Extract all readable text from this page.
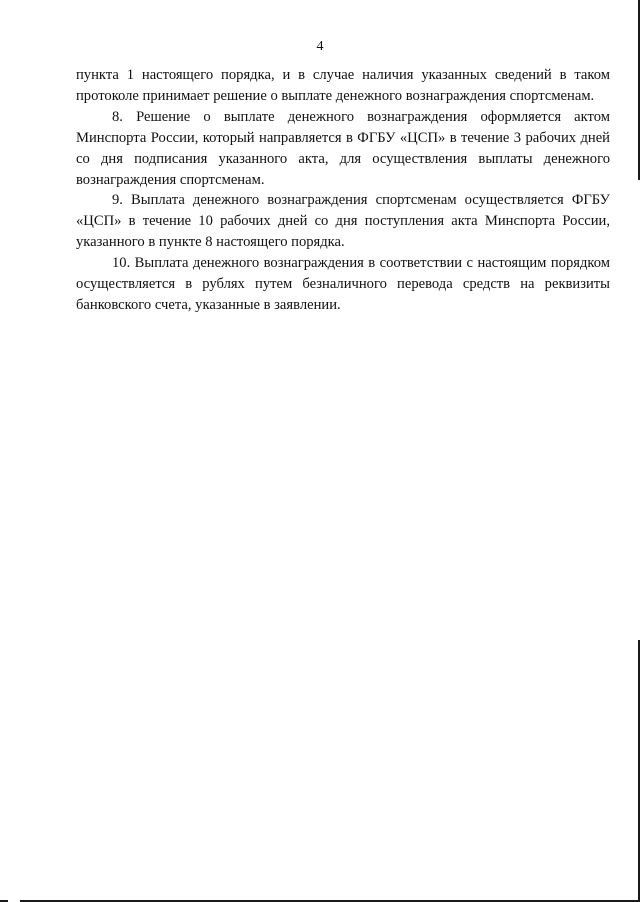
4

пункта 1 настоящего порядка, и в случае наличия указанных сведений в таком протоколе принимает решение о выплате денежного вознаграждения спортсменам.

8. Решение о выплате денежного вознаграждения оформляется актом Минспорта России, который направляется в ФГБУ «ЦСП» в течение 3 рабочих дней со дня подписания указанного акта, для осуществления выплаты денежного вознаграждения спортсменам.

9. Выплата денежного вознаграждения спортсменам осуществляется ФГБУ «ЦСП» в течение 10 рабочих дней со дня поступления акта Минспорта России, указанного в пункте 8 настоящего порядка.

10. Выплата денежного вознаграждения в соответствии с настоящим порядком осуществляется в рублях путем безналичного перевода средств на реквизиты банковского счета, указанные в заявлении.
